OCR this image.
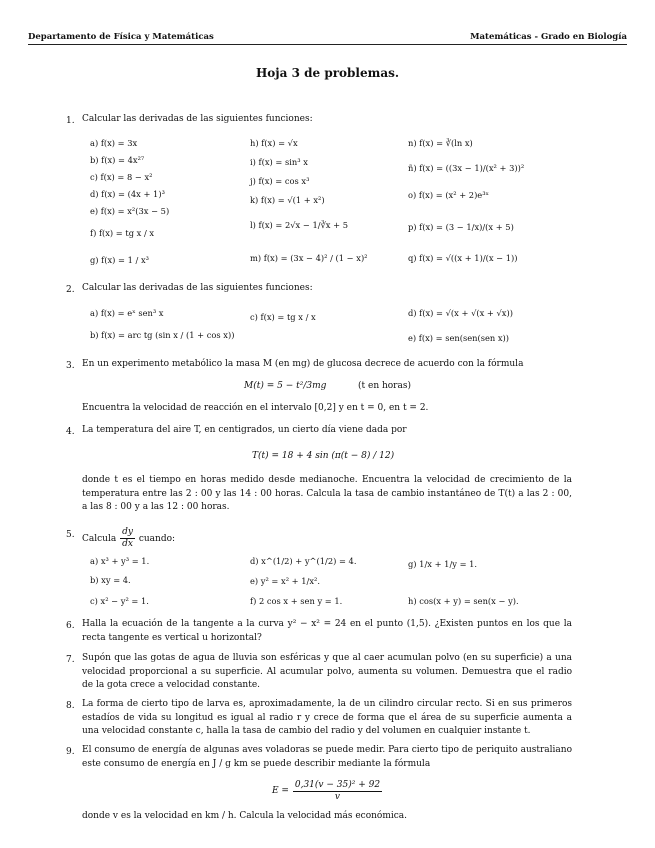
Departamento de Física y Matemáticas	Matemáticas - Grado en Biología
Hoja 3 de problemas.
1. Calcular las derivadas de las siguientes funciones:
a) f(x) = 3x
b) f(x) = 4x²⁷
c) f(x) = 8 − x²
d) f(x) = (4x + 1)³
e) f(x) = x²(3x − 5)
f) f(x) = tg x / x
g) f(x) = 1 / x³
h) f(x) = √x
i) f(x) = sin³ x
j) f(x) = cos x³
k) f(x) = √(1 + x²)
l) f(x) = 2√x − 1/∛x + 5
m) f(x) = (3x − 4)² / (1 − x)²
n) f(x) = ∛(ln x)
ñ) f(x) = ((3x − 1)/(x² + 3))²
o) f(x) = (x² + 2)e³ˣ
p) f(x) = (3 − 1/x)/(x + 5)
q) f(x) = √((x + 1)/(x − 1))
2. Calcular las derivadas de las siguientes funciones:
a) f(x) = eˣ sen³ x
b) f(x) = arc tg (sin x / (1 + cos x))
c) f(x) = tg x / x	d) f(x) = √(x + √(x + √x))
e) f(x) = sen(sen(sen x))
3. En un experimento metabólico la masa M (en mg) de glucosa decrece de acuerdo con la fórmula
M(t) = 5 − t²/3mg	(t en horas)
Encuentra la velocidad de reacción en el intervalo [0,2] y en t = 0, en t = 2.
4. La temperatura del aire T, en centigrados, un cierto día viene dada por
T(t) = 18 + 4 sin (π(t − 8) / 12)
donde t es el tiempo en horas medido desde medianoche. Encuentra la velocidad de crecimiento de la temperatura entre las 2 : 00 y las 14 : 00 horas. Calcula la tasa de cambio instantáneo de T(t) a las 2 : 00, a las 8 : 00 y a las 12 : 00 horas.
5. Calcula $\frac{dy}{dx}$ cuando:
a) x³ + y³ = 1.
b) xy = 4.
c) x² − y² = 1.
d) x^(1/2) + y^(1/2) = 4.
e) y² = x² + 1/x².
f) 2 cos x + sen y = 1.
g) 1/x + 1/y = 1.
h) cos(x + y) = sen(x − y).
6. Halla la ecuación de la tangente a la curva y² − x² = 24 en el punto (1,5). ¿Existen puntos en los que la recta tangente es vertical u horizontal?
7. Supón que las gotas de agua de lluvia son esféricas y que al caer acumulan polvo (en su superficie) a una velocidad proporcional a su superficie. Al acumular polvo, aumenta su volumen. Demuestra que el radio de la gota crece a velocidad constante.
8. La forma de cierto tipo de larva es, aproximadamente, la de un cilindro circular recto. Si en sus primeros estadíos de vida su longitud es igual al radio r y crece de forma que el área de su superficie aumenta a una velocidad constante c, halla la tasa de cambio del radio y del volumen en cualquier instante t.
9. El consumo de energía de algunas aves voladoras se puede medir. Para cierto tipo de periquito australiano este consumo de energía en J / g km se puede describir mediante la fórmula
$E = \frac{\text{0,31(v − 35)² + 92}}{v}$
donde v es la velocidad en km / h. Calcula la velocidad más económica.
